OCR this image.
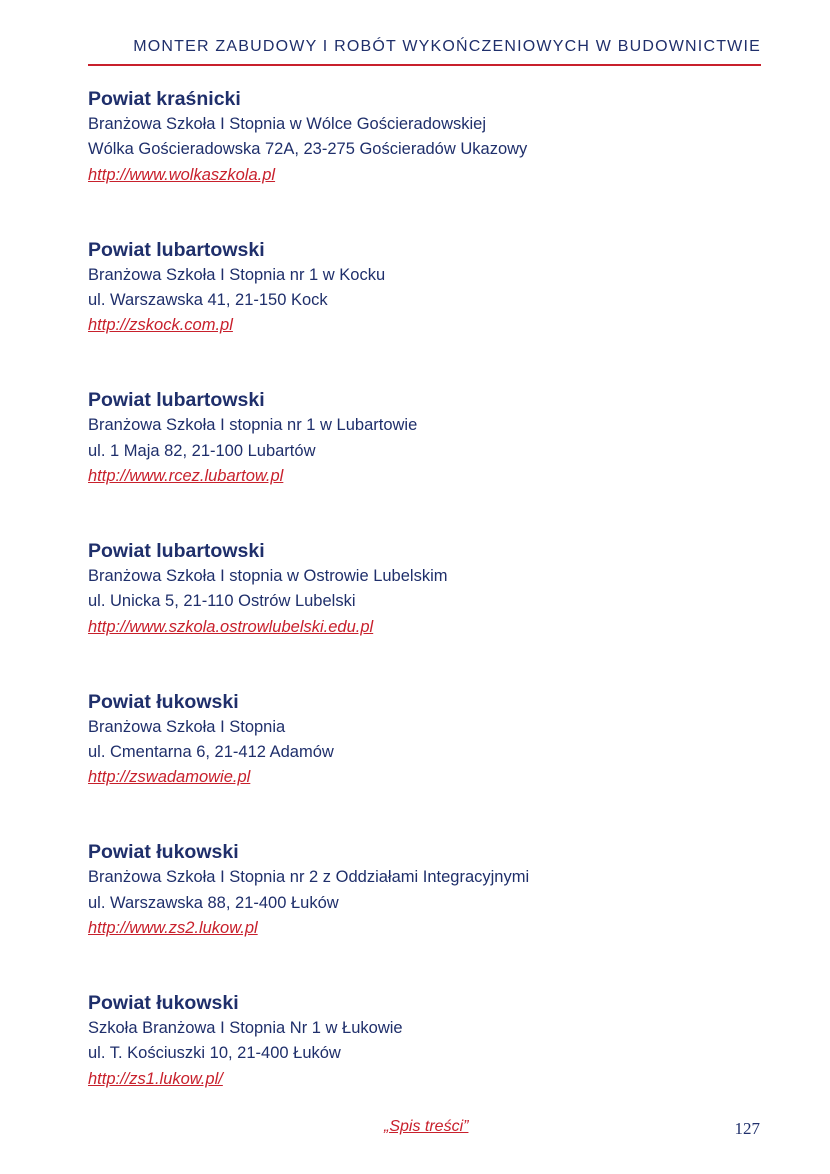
MONTER ZABUDOWY I ROBÓT WYKOŃCZENIOWYCH W BUDOWNICTWIE
Powiat kraśnicki
Branżowa Szkoła I Stopnia w Wólce Gościeradowskiej
Wólka Gościeradowska 72A, 23-275 Gościeradów Ukazowy
http://www.wolkaszkola.pl
Powiat lubartowski
Branżowa Szkoła I Stopnia nr 1 w Kocku
ul. Warszawska 41, 21-150 Kock
http://zskock.com.pl
Powiat lubartowski
Branżowa Szkoła I stopnia nr 1 w Lubartowie
ul. 1 Maja 82, 21-100 Lubartów
http://www.rcez.lubartow.pl
Powiat lubartowski
Branżowa Szkoła I stopnia w Ostrowie Lubelskim
ul. Unicka 5, 21-110 Ostrów Lubelski
http://www.szkola.ostrowlubelski.edu.pl
Powiat łukowski
Branżowa Szkoła I Stopnia
ul. Cmentarna 6, 21-412 Adamów
http://zswadamowie.pl
Powiat łukowski
Branżowa Szkoła I Stopnia nr 2 z Oddziałami Integracyjnymi
ul. Warszawska 88, 21-400 Łuków
http://www.zs2.lukow.pl
Powiat łukowski
Szkoła Branżowa I Stopnia Nr 1 w Łukowie
ul. T. Kościuszki 10, 21-400 Łuków
http://zs1.lukow.pl/
„Spis treści”	127
